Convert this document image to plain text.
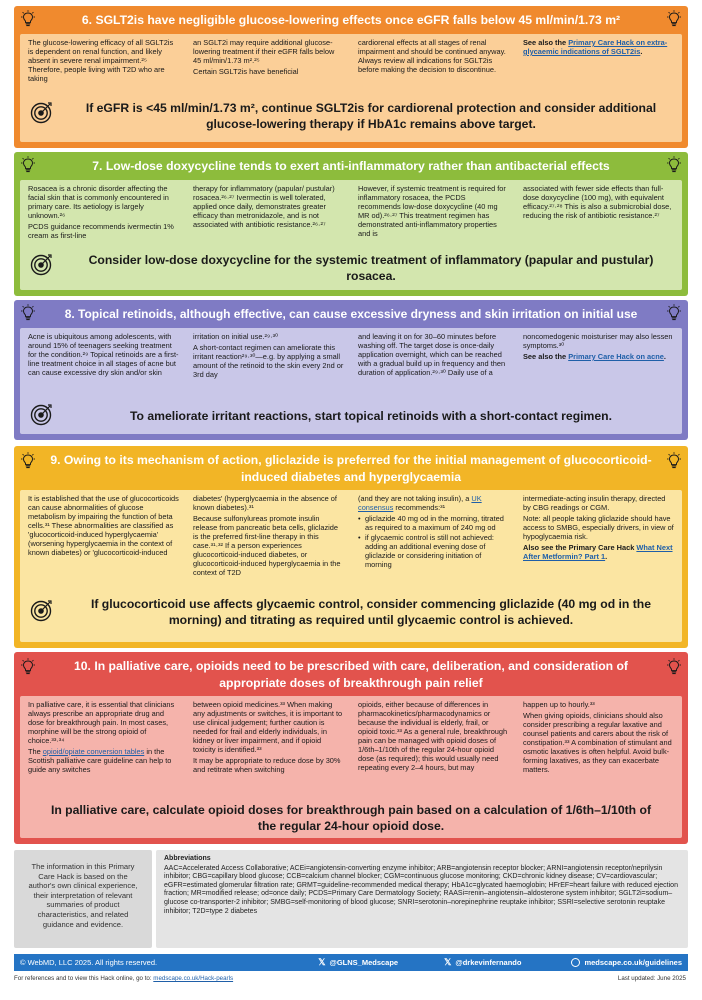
6. SGLT2is have negligible glucose-lowering effects once eGFR falls below 45 ml/min/1.73 m²

The glucose-lowering efficacy of all SGLT2is is dependent on renal function, and likely absent in severe renal impairment.²⁵ Therefore, people living with T2D who are taking

an SGLT2i may require additional glucose-lowering treatment if their eGFR falls below 45 ml/min/1.73 m².²⁵

Certain SGLT2is have beneficial

cardiorenal effects at all stages of renal impairment and should be continued anyway. Always review all indications for SGLT2is before making the decision to discontinue.

See also the Primary Care Hack on extra-glycaemic indications of SGLT2is.

If eGFR is <45 ml/min/1.73 m², continue SGLT2is for cardiorenal protection and consider additional glucose-lowering therapy if HbA1c remains above target.
7. Low-dose doxycycline tends to exert anti-inflammatory rather than antibacterial effects

Rosacea is a chronic disorder affecting the facial skin that is commonly encountered in primary care. Its aetiology is largely unknown.²⁶

PCDS guidance recommends ivermectin 1% cream as first-line

therapy for inflammatory (papular/ pustular) rosacea.²⁶·²⁷ Ivermectin is well tolerated, applied once daily, demonstrates greater efficacy than metronidazole, and is not associated with antibiotic resistance.²⁶·²⁷

However, if systemic treatment is required for inflammatory rosacea, the PCDS recommends low-dose doxycycline (40 mg MR od).²⁶·²⁷ This treatment regimen has demonstrated anti-inflammatory properties and is

associated with fewer side effects than full-dose doxycycline (100 mg), with equivalent efficacy.²⁷·²⁸ This is also a submicrobial dose, reducing the risk of antibiotic resistance.²⁷

Consider low-dose doxycycline for the systemic treatment of inflammatory (papular and pustular) rosacea.
8. Topical retinoids, although effective, can cause excessive dryness and skin irritation on initial use

Acne is ubiquitous among adolescents, with around 15% of teenagers seeking treatment for the condition.²⁹ Topical retinoids are a first-line treatment choice in all stages of acne but can cause excessive dry skin and/or skin

irritation on initial use.²⁹·³⁰

A short-contact regimen can ameliorate this irritant reaction²⁹·³⁰—e.g. by applying a small amount of the retinoid to the skin every 2nd or 3rd day

and leaving it on for 30–60 minutes before washing off. The target dose is once-daily application overnight, which can be reached with a gradual build up in frequency and then duration of application.²⁹·³⁰ Daily use of a

noncomedogenic moisturiser may also lessen symptoms.³⁰

See also the Primary Care Hack on acne.

To ameliorate irritant reactions, start topical retinoids with a short-contact regimen.
9. Owing to its mechanism of action, gliclazide is preferred for the initial management of glucocorticoid-induced diabetes and hyperglycaemia

It is established that the use of glucocorticoids can cause abnormalities of glucose metabolism by impairing the function of beta cells.³¹ These abnormalities are classified as 'glucocorticoid-induced hyperglycaemia' (worsening hyperglycaemia in the context of known diabetes) or 'glucocorticoid-induced

diabetes' (hyperglycaemia in the absence of known diabetes).³¹

Because sulfonylureas promote insulin release from pancreatic beta cells, gliclazide is the preferred first-line therapy in this case.³¹·³² If a person experiences glucocorticoid-induced diabetes, or glucocorticoid-induced hyperglycaemia in the context of T2D

(and they are not taking insulin), a UK consensus recommends:³¹

• gliclazide 40 mg od in the morning, titrated as required to a maximum of 240 mg od
• if glycaemic control is still not achieved: adding an additional evening dose of gliclazide or considering initiation of morning

intermediate-acting insulin therapy, directed by CBG readings or CGM.

Note: all people taking gliclazide should have access to SMBG, especially drivers, in view of hypoglycaemia risk.

Also see the Primary Care Hack What Next After Metformin? Part 1.

If glucocorticoid use affects glycaemic control, consider commencing gliclazide (40 mg od in the morning) and titrating as required until glycaemic control is achieved.
10. In palliative care, opioids need to be prescribed with care, deliberation, and consideration of appropriate doses of breakthrough pain relief

In palliative care, it is essential that clinicians always prescribe an appropriate drug and dose for breakthrough pain. In most cases, morphine will be the strong opioid of choice.³³·³⁴

The opioid/opiate conversion tables in the Scottish palliative care guideline can help to guide any switches

between opioid medicines.³³ When making any adjustments or switches, it is important to use clinical judgement; further caution is needed for frail and elderly individuals, in kidney or liver impairment, and if opioid toxicity is identified.³³

It may be appropriate to reduce dose by 30% and retitrate when switching

opioids, either because of differences in pharmacokinetics/pharmacodynamics or because the individual is elderly, frail, or opioid toxic.³³ As a general rule, breakthrough pain can be managed with opioid doses of 1/6th–1/10th of the regular 24-hour opioid dose (as required); this would usually need repeating every 2–4 hours, but may

happen up to hourly.³³

When giving opioids, clinicians should also consider prescribing a regular laxative and counsel patients and carers about the risk of constipation.³³ A combination of stimulant and osmotic laxatives is often helpful. Avoid bulk-forming laxatives, as they can exacerbate matters.

In palliative care, calculate opioid doses for breakthrough pain based on a calculation of 1/6th–1/10th of the regular 24-hour opioid dose.
The information in this Primary Care Hack is based on the author's own clinical experience, their interpretation of relevant summaries of product characteristics, and related guidance and evidence.
Abbreviations
AAC=Accelerated Access Collaborative; ACEi=angiotensin-converting enzyme inhibitor; ARB=angiotensin receptor blocker; ARNI=angiotensin receptor/neprilysin inhibitor; CBG=capillary blood glucose; CCB=calcium channel blocker; CGM=continuous glucose monitoring; CKD=chronic kidney disease; CV=cardiovascular; eGFR=estimated glomerular filtration rate; GRMT=guideline-recommended medical therapy; HbA1c=glycated haemoglobin; HFrEF=heart failure with reduced ejection fraction; MR=modified release; od=once daily; PCDS=Primary Care Dermatology Society; RAASi=renin–angiotensin–aldosterone system inhibitor; SGLT2i=sodium–glucose co-transporter-2 inhibitor; SMBG=self-monitoring of blood glucose; SNRI=serotonin–norepinephrine reuptake inhibitor; SSRI=selective serotonin reuptake inhibitor; T2D=type 2 diabetes
© WebMD, LLC 2025. All rights reserved.	𝕏 @GLNS_Medscape	𝕏 @drkevinfernando	medscape.co.uk/guidelines
For references and to view this Hack online, go to: medscape.co.uk/Hack-pearls	Last updated: June 2025
